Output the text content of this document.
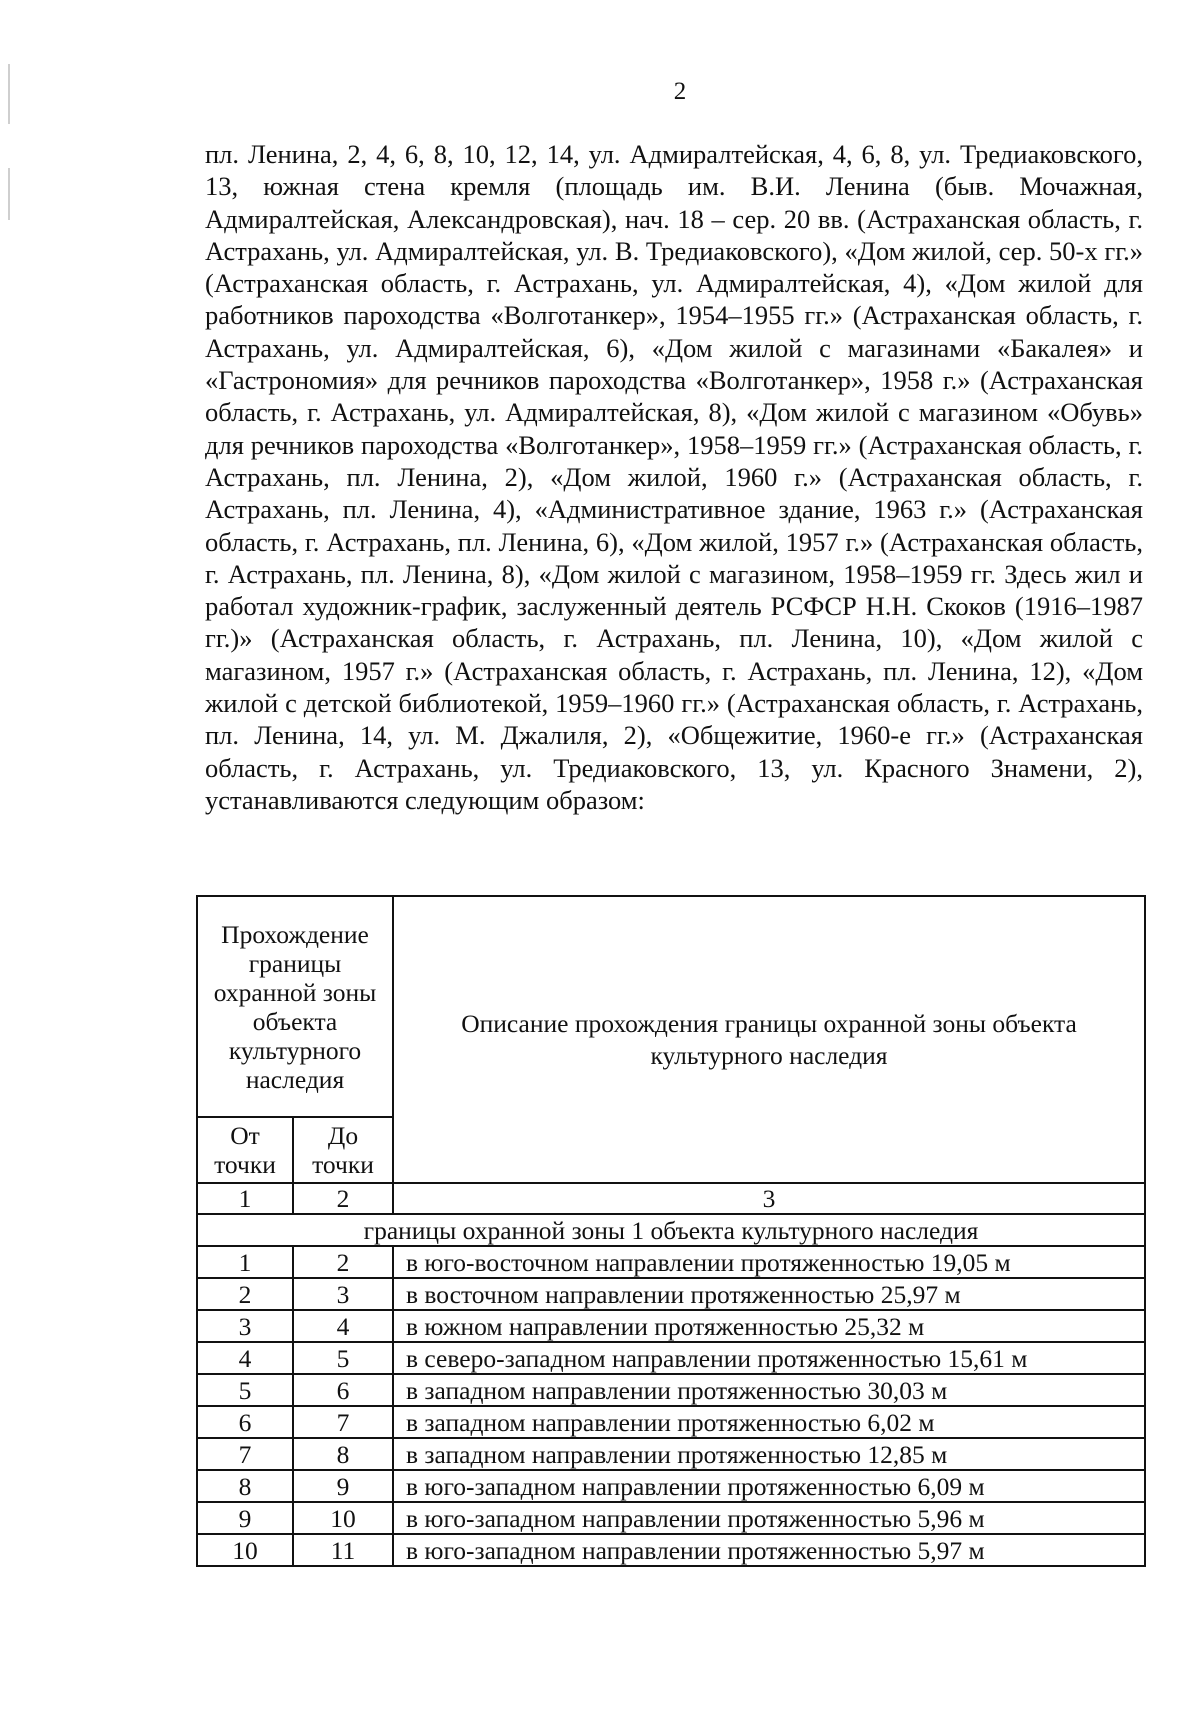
2

пл. Ленина, 2, 4, 6, 8, 10, 12, 14, ул. Адмиралтейская, 4, 6, 8, ул. Тредиаковского, 13, южная стена кремля (площадь им. В.И. Ленина (быв. Мочажная, Адмиралтейская, Александровская), нач. 18 – сер. 20 вв. (Астраханская область, г. Астрахань, ул. Адмиралтейская, ул. В. Тредиаковского), «Дом жилой, сер. 50-х гг.» (Астраханская область, г. Астрахань, ул. Адмиралтейская, 4), «Дом жилой для работников пароходства «Волготанкер», 1954–1955 гг.» (Астраханская область, г. Астрахань, ул. Адмиралтейская, 6), «Дом жилой с магазинами «Бакалея» и «Гастрономия» для речников пароходства «Волготанкер», 1958 г.» (Астраханская область, г. Астрахань, ул. Адмиралтейская, 8), «Дом жилой с магазином «Обувь» для речников пароходства «Волготанкер», 1958–1959 гг.» (Астраханская область, г. Астрахань, пл. Ленина, 2), «Дом жилой, 1960 г.» (Астраханская область, г. Астрахань, пл. Ленина, 4), «Административное здание, 1963 г.» (Астраханская область, г. Астрахань, пл. Ленина, 6), «Дом жилой, 1957 г.» (Астраханская область, г. Астрахань, пл. Ленина, 8), «Дом жилой с магазином, 1958–1959 гг. Здесь жил и работал художник-график, заслуженный деятель РСФСР Н.Н. Скоков (1916–1987 гг.)» (Астраханская область, г. Астрахань, пл. Ленина, 10), «Дом жилой с магазином, 1957 г.» (Астраханская область, г. Астрахань, пл. Ленина, 12), «Дом жилой с детской библиотекой, 1959–1960 гг.» (Астраханская область, г. Астрахань, пл. Ленина, 14, ул. М. Джалиля, 2), «Общежитие, 1960-е гг.» (Астраханская область, г. Астрахань, ул. Тредиаковского, 13, ул. Красного Знамени, 2), устанавливаются следующим образом:

Прохождение границы охранной зоны объекта культурного наследия		Описание прохождения границы охранной зоны объекта культурного наследия
От точки	До точки	
1	2	3
границы охранной зоны 1 объекта культурного наследия		
1	2	в юго-восточном направлении протяженностью 19,05 м
2	3	в восточном направлении протяженностью 25,97 м
3	4	в южном направлении протяженностью 25,32 м
4	5	в северо-западном направлении протяженностью 15,61 м
5	6	в западном направлении протяженностью 30,03 м
6	7	в западном направлении протяженностью 6,02 м
7	8	в западном направлении протяженностью 12,85 м
8	9	в юго-западном направлении протяженностью 6,09 м
9	10	в юго-западном направлении протяженностью 5,96 м
10	11	в юго-западном направлении протяженностью 5,97 м
